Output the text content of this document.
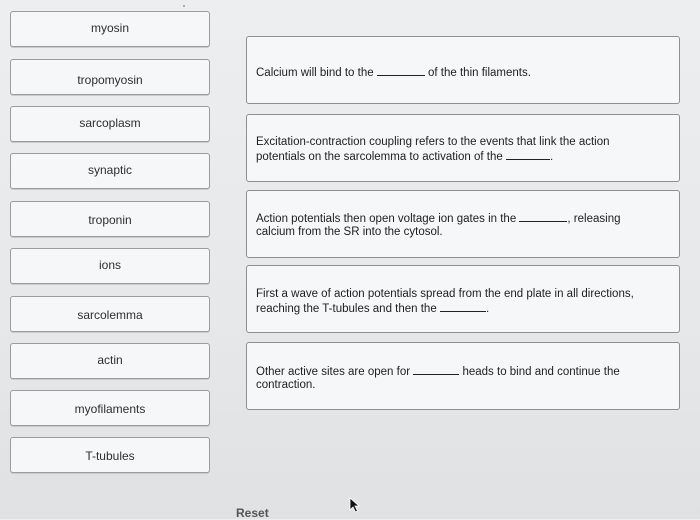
myosin
tropomyosin
sarcoplasm
synaptic
troponin
ions
sarcolemma
actin
myofilaments
T-tubules
Calcium will bind to the	of the thin filaments.
Excitation-contraction coupling refers to the events that link the action potentials on the sarcolemma to activation of the	.
Action potentials then open voltage ion gates in the	, releasing calcium from the SR into the cytosol.
First a wave of action potentials spread from the end plate in all directions, reaching the T-tubules and then the	.
Other active sites are open for	heads to bind and continue the contraction.
Reset
